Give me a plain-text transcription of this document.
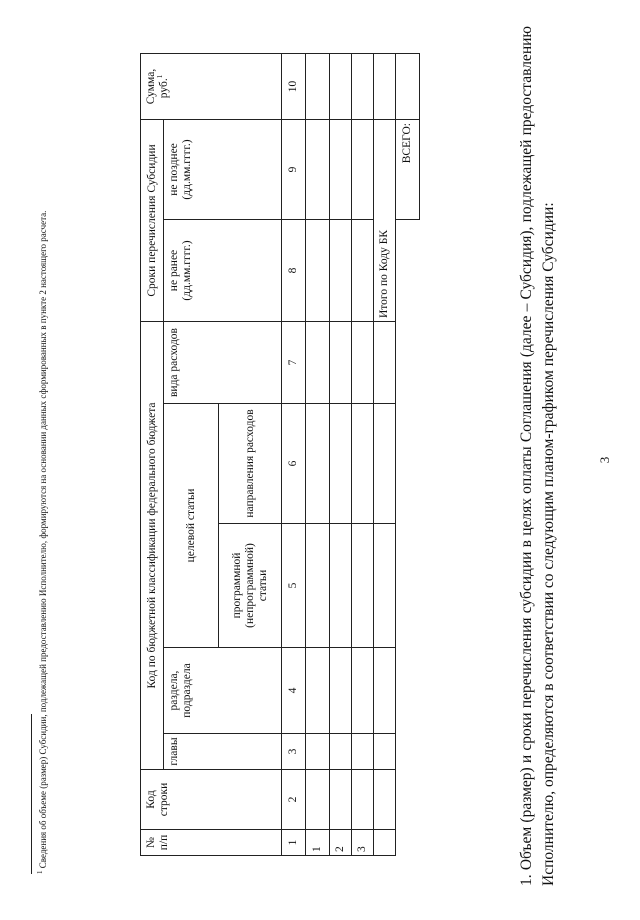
3
1. Объем (размер) и сроки перечисления субсидии в целях оплаты Соглашения (далее – Субсидия), подлежащей предоставлению Исполнителю, определяются в соответствии со следующим планом-графиком перечисления Субсидии:
№ п/п	Код строки	Код по бюджетной классификации федерального бюджета					Сроки перечисления Субсидии		Сумма, руб.$^1$
		главы	раздела, подраздела	целевой статьи		вида расходов	не ранее (дд.мм.гггг.)	не позднее (дд.мм.гггг.)	
				программной (непрограммной) статьи	направления расходов				
1	2	3	4	5	6	7	8	9	10
1									
2									
3									
							Итого по Коду БК		
								ВСЕГО:	
$^1$ Сведения об объеме (размер) Субсидии, подлежащей предоставлению Исполнителю, формируются на основании данных сформированных в пункте 2 настоящего расчета.
